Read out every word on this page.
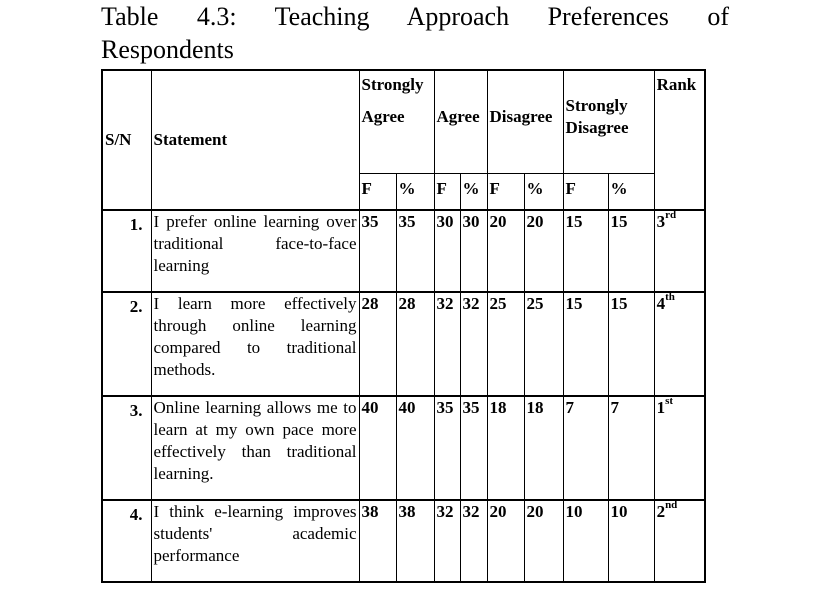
Table 4.3: Teaching Approach Preferences of
Respondents
S/N	Statement	Strongly
Agree		Agree		Disagree		Strongly Disagree		Rank
		F	%	F	%	F	%	F	%	
1.	I prefer online learning over traditional face-to-face learning	35	35	30	30	20	20	15	15	3rd
2.	I learn more effectively through online learning compared to traditional methods.	28	28	32	32	25	25	15	15	4th
3.	Online learning allows me to learn at my own pace more effectively than traditional learning.	40	40	35	35	18	18	7	7	1st
4.	I think e-learning improves students' academic performance	38	38	32	32	20	20	10	10	2nd
